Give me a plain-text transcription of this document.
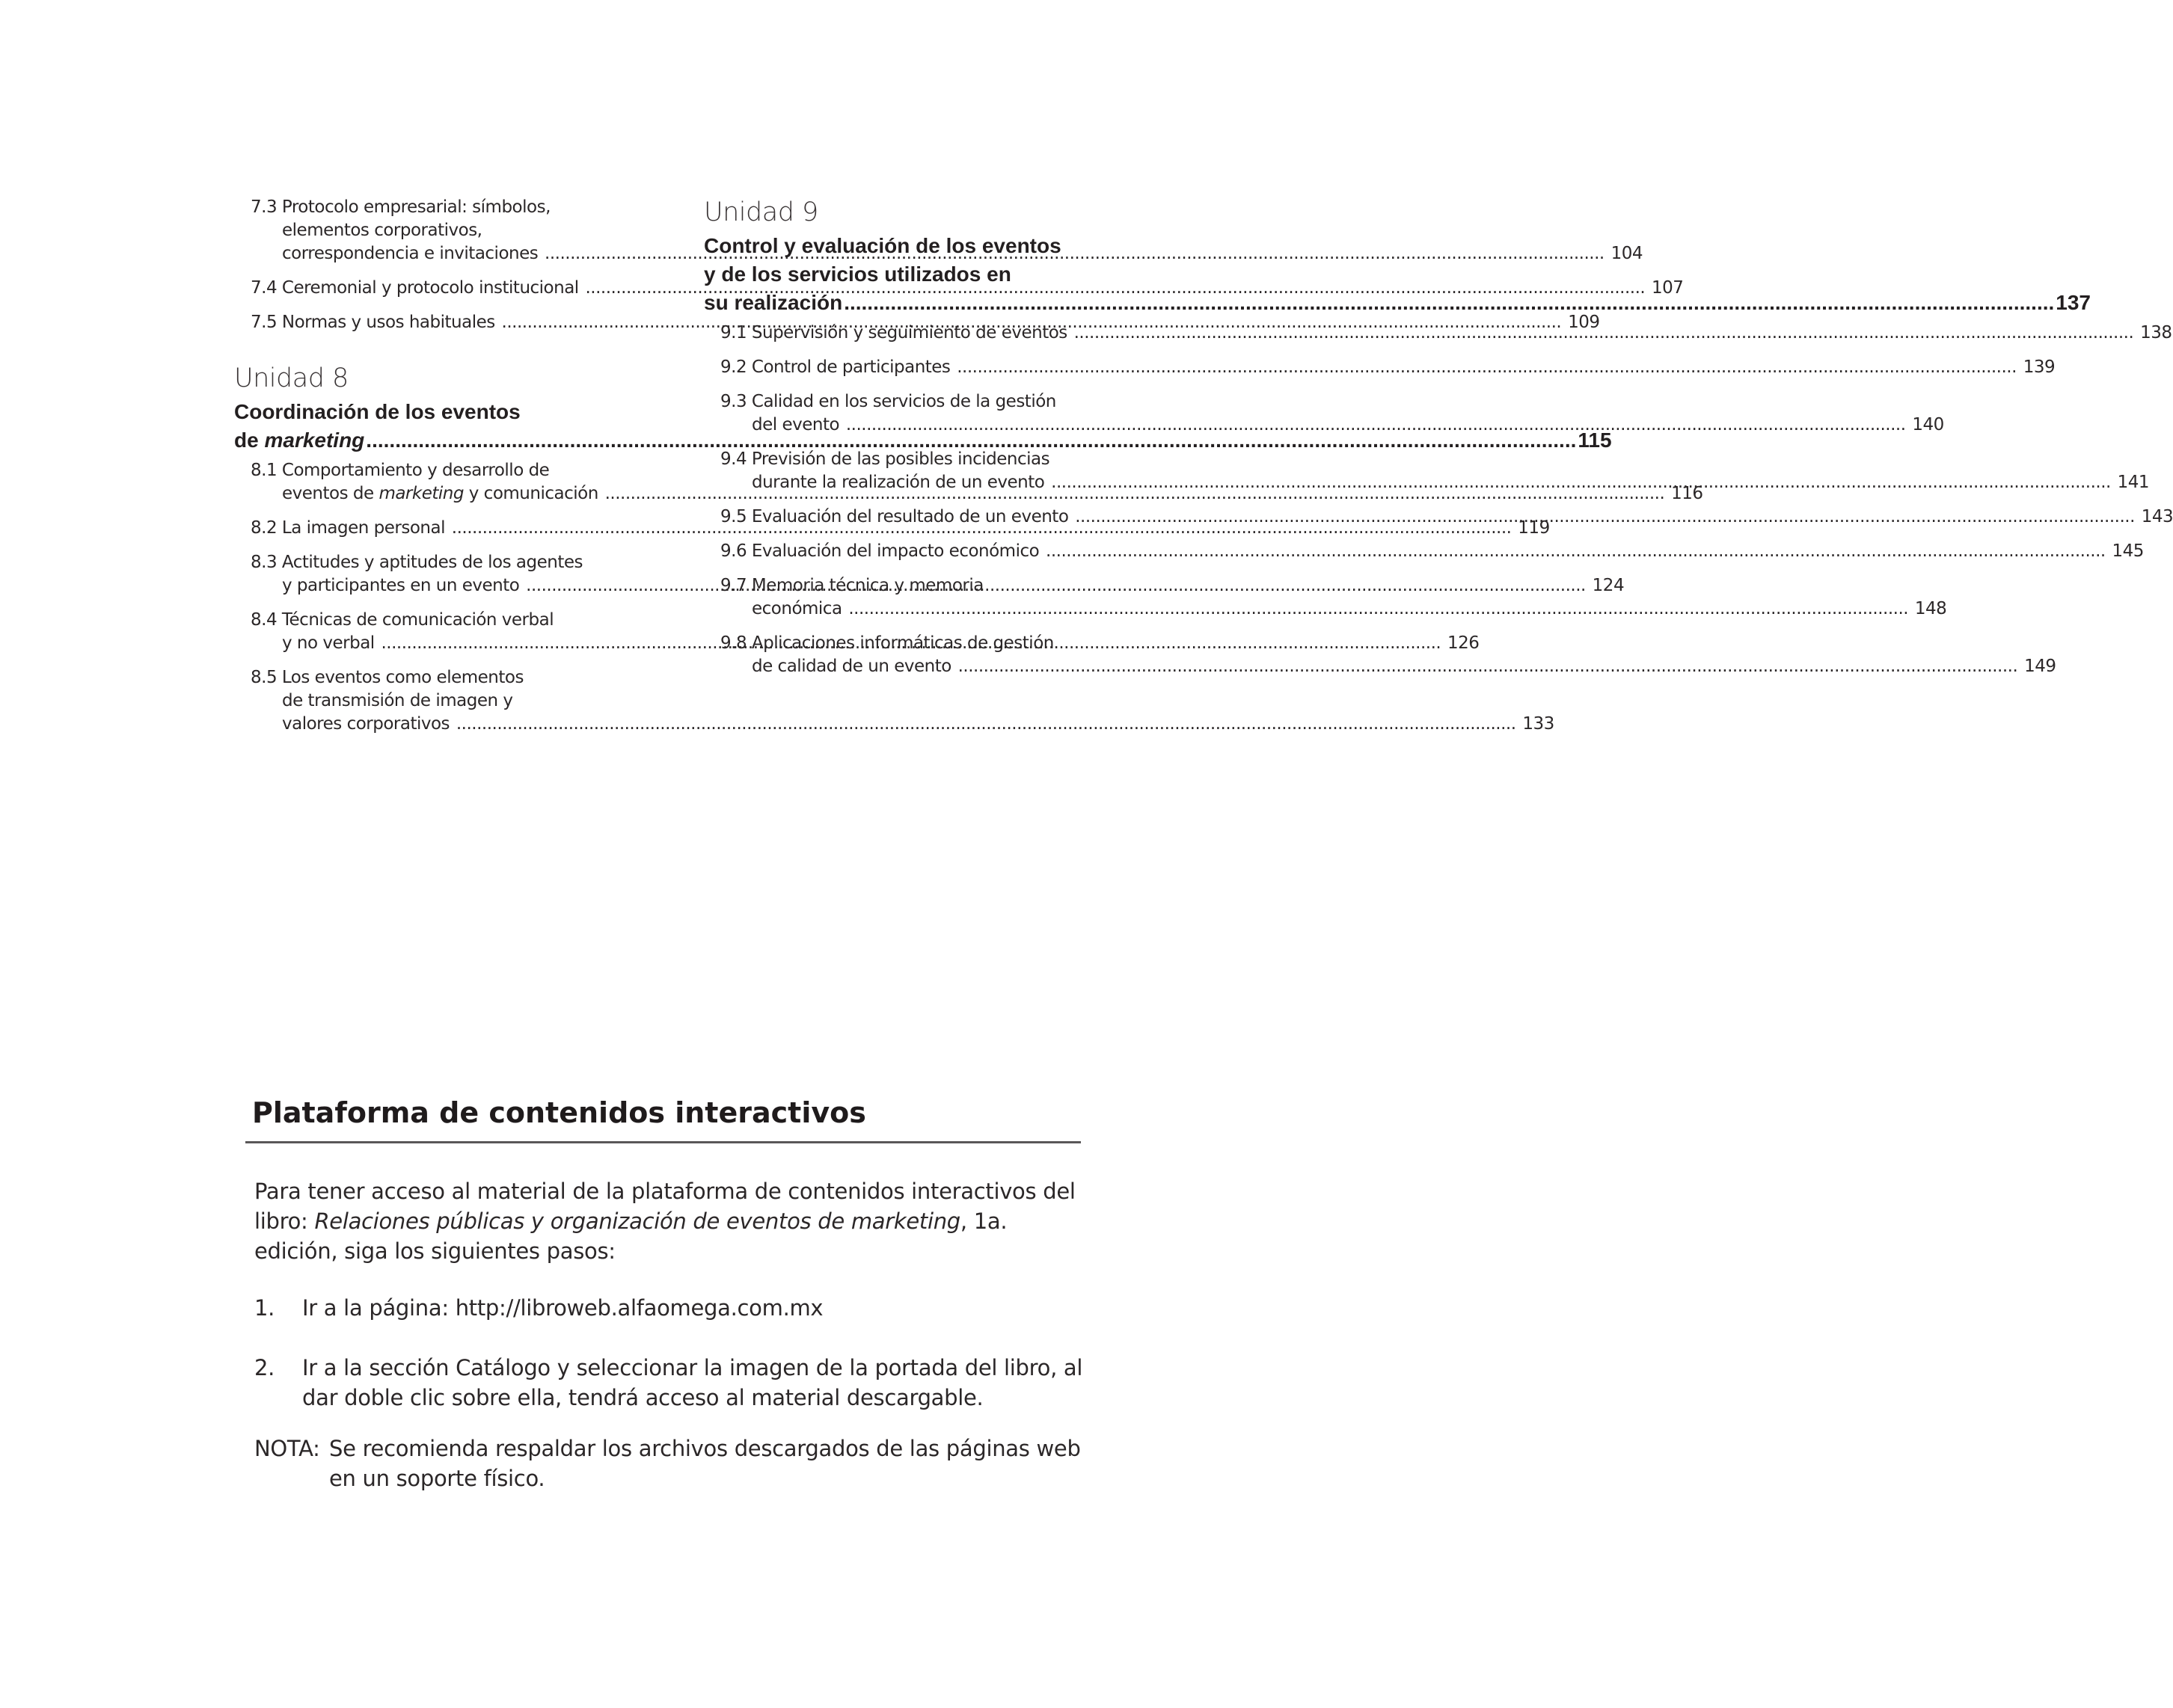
7.3 Protocolo empresarial: símbolos,
elementos corporativos,
correspondencia e invitaciones .....	104
7.4 Ceremonial y protocolo institucional .....	107
7.5 Normas y usos habituales .....	109
Unidad 8
Coordinación de los eventos
de marketing .....	115
8.1 Comportamiento y desarrollo de
eventos de marketing y comunicación .....	116
8.2 La imagen personal .....	119
8.3 Actitudes y aptitudes de los agentes
y participantes en un evento .....	124
8.4 Técnicas de comunicación verbal
y no verbal .....	126
8.5 Los eventos como elementos
de transmisión de imagen y
valores corporativos .....	133
Unidad 9
Control y evaluación de los eventos
y de los servicios utilizados en
su realización .....	137
9.1 Supervisión y seguimiento de eventos .....	138
9.2 Control de participantes .....	139
9.3 Calidad en los servicios de la gestión
del evento .....	140
9.4 Previsión de las posibles incidencias
durante la realización de un evento .....	141
9.5 Evaluación del resultado de un evento .....	143
9.6 Evaluación del impacto económico .....	145
9.7 Memoria técnica y memoria
económica .....	148
9.8 Aplicaciones informáticas de gestión
de calidad de un evento .....	149
Plataforma de contenidos interactivos
Para tener acceso al material de la plataforma de contenidos interactivos del libro: Relaciones públicas y organización de eventos de marketing, 1a. edición, siga los siguientes pasos:
1.	Ir a la página: http://libroweb.alfaomega.com.mx
2.	Ir a la sección Catálogo y seleccionar la imagen de la portada del libro, al dar doble clic sobre ella, tendrá acceso al material descargable.
NOTA: Se recomienda respaldar los archivos descargados de las páginas web en un soporte físico.
